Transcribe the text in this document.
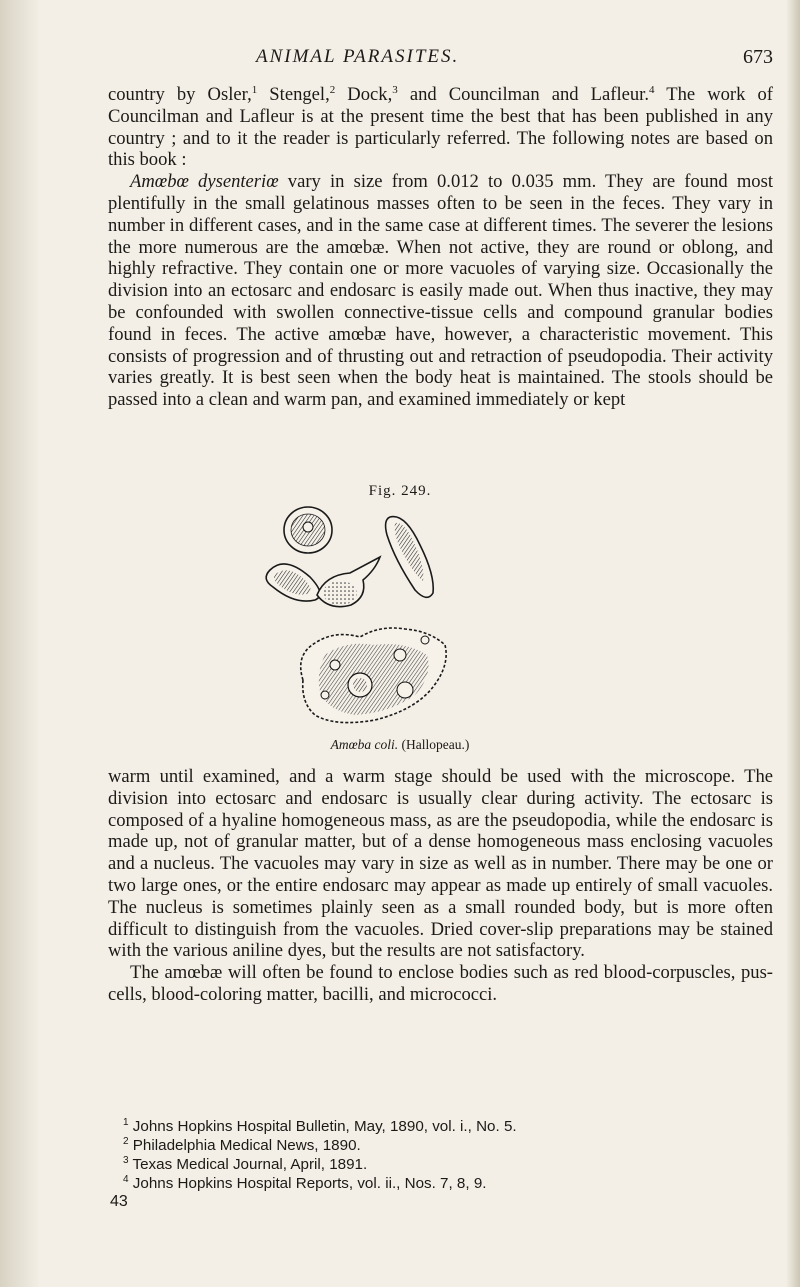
ANIMAL PARASITES.	673

country by Osler,$^1$ Stengel,$^2$ Dock,$^3$ and Councilman and Lafleur.$^4$ The work of Councilman and Lafleur is at the present time the best that has been published in any country ; and to it the reader is particularly referred. The following notes are based on this book :

Amœbœ dysenteriœ vary in size from 0.012 to 0.035 mm. They are found most plentifully in the small gelatinous masses often to be seen in the feces. They vary in number in different cases, and in the same case at different times. The severer the lesions the more numerous are the amœbæ. When not active, they are round or oblong, and highly refractive. They contain one or more vacuoles of varying size. Occasionally the division into an ectosarc and endosarc is easily made out. When thus inactive, they may be confounded with swollen connective-tissue cells and compound granular bodies found in feces. The active amœbæ have, however, a characteristic movement. This consists of progression and of thrusting out and retraction of pseudopodia. Their activity varies greatly. It is best seen when the body heat is maintained. The stools should be passed into a clean and warm pan, and examined immediately or kept

Fig. 249.
Amœba coli. (Hallopeau.)

warm until examined, and a warm stage should be used with the microscope. The division into ectosarc and endosarc is usually clear during activity. The ectosarc is composed of a hyaline homogeneous mass, as are the pseudopodia, while the endosarc is made up, not of granular matter, but of a dense homogeneous mass enclosing vacuoles and a nucleus. The vacuoles may vary in size as well as in number. There may be one or two large ones, or the entire endosarc may appear as made up entirely of small vacuoles. The nucleus is sometimes plainly seen as a small rounded body, but is more often difficult to distinguish from the vacuoles. Dried cover-slip preparations may be stained with the various aniline dyes, but the results are not satisfactory.

The amœbæ will often be found to enclose bodies such as red blood-corpuscles, pus-cells, blood-coloring matter, bacilli, and micrococci.

$^1$ Johns Hopkins Hospital Bulletin, May, 1890, vol. i., No. 5.
$^2$ Philadelphia Medical News, 1890.
$^3$ Texas Medical Journal, April, 1891.
$^4$ Johns Hopkins Hospital Reports, vol. ii., Nos. 7, 8, 9.
43
